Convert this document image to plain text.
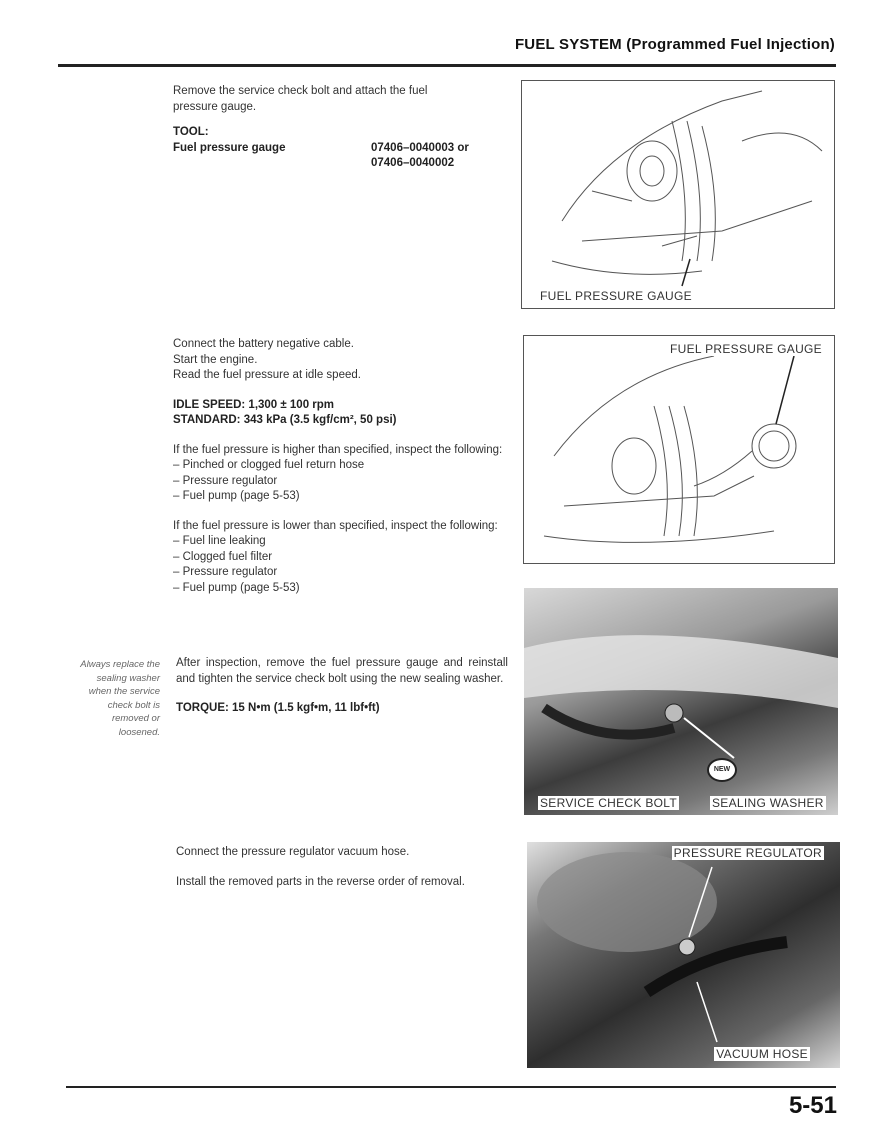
FUEL SYSTEM (Programmed Fuel Injection)

Remove the service check bolt and attach the fuel

pressure gauge.

TOOL:

Fuel pressure gauge	07406–0040003 or
07406–0040002

Connect the battery negative cable.

Start the engine.

Read the fuel pressure at idle speed.

IDLE SPEED: 1,300 ± 100 rpm

STANDARD: 343 kPa (3.5 kgf/cm², 50 psi)

If the fuel pressure is higher than specified, inspect the following:

– Pinched or clogged fuel return hose
– Pressure regulator
– Fuel pump (page 5-53)

If the fuel pressure is lower than specified, inspect the following:

– Fuel line leaking
– Clogged fuel filter
– Pressure regulator
– Fuel pump (page 5-53)
Always replace the sealing washer when the service check bolt is removed or loosened.

After inspection, remove the fuel pressure gauge and reinstall and tighten the service check bolt using the new sealing washer.

TORQUE: 15 N•m (1.5 kgf•m, 11 lbf•ft)

Connect the pressure regulator vacuum hose.

Install the removed parts in the reverse order of removal.

FUEL PRESSURE GAUGE
FUEL PRESSURE GAUGE
NEW
SERVICE CHECK BOLT	SEALING WASHER
PRESSURE REGULATOR
VACUUM HOSE
5-51
